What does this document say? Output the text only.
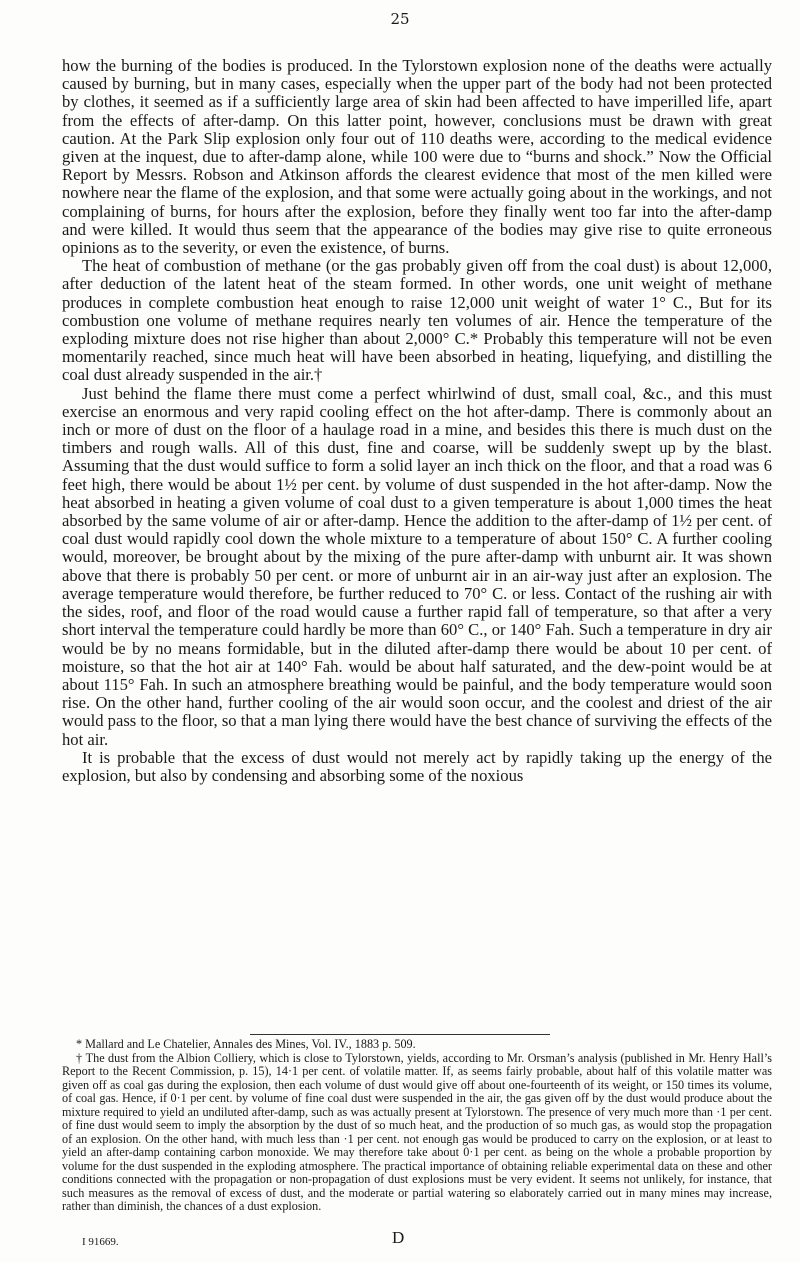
25

how the burning of the bodies is produced. In the Tylorstown explosion none of the deaths were actually caused by burning, but in many cases, especially when the upper part of the body had not been protected by clothes, it seemed as if a sufficiently large area of skin had been affected to have imperilled life, apart from the effects of after-damp. On this latter point, however, conclusions must be drawn with great caution. At the Park Slip explosion only four out of 110 deaths were, according to the medical evidence given at the inquest, due to after-damp alone, while 100 were due to “burns and shock.” Now the Official Report by Messrs. Robson and Atkinson affords the clearest evidence that most of the men killed were nowhere near the flame of the explosion, and that some were actually going about in the workings, and not complaining of burns, for hours after the explosion, before they finally went too far into the after-damp and were killed. It would thus seem that the appearance of the bodies may give rise to quite erroneous opinions as to the severity, or even the existence, of burns.

The heat of combustion of methane (or the gas probably given off from the coal dust) is about 12,000, after deduction of the latent heat of the steam formed. In other words, one unit weight of methane produces in complete combustion heat enough to raise 12,000 unit weight of water 1° C., But for its combustion one volume of methane requires nearly ten volumes of air. Hence the temperature of the exploding mixture does not rise higher than about 2,000° C.* Probably this temperature will not be even momentarily reached, since much heat will have been absorbed in heating, liquefying, and distilling the coal dust already suspended in the air.†

Just behind the flame there must come a perfect whirlwind of dust, small coal, &c., and this must exercise an enormous and very rapid cooling effect on the hot after-damp. There is commonly about an inch or more of dust on the floor of a haulage road in a mine, and besides this there is much dust on the timbers and rough walls. All of this dust, fine and coarse, will be suddenly swept up by the blast. Assuming that the dust would suffice to form a solid layer an inch thick on the floor, and that a road was 6 feet high, there would be about 1½ per cent. by volume of dust suspended in the hot after-damp. Now the heat absorbed in heating a given volume of coal dust to a given temperature is about 1,000 times the heat absorbed by the same volume of air or after-damp. Hence the addition to the after-damp of 1½ per cent. of coal dust would rapidly cool down the whole mixture to a temperature of about 150° C. A further cooling would, moreover, be brought about by the mixing of the pure after-damp with unburnt air. It was shown above that there is probably 50 per cent. or more of unburnt air in an air-way just after an explosion. The average temperature would therefore, be further reduced to 70° C. or less. Contact of the rushing air with the sides, roof, and floor of the road would cause a further rapid fall of temperature, so that after a very short interval the temperature could hardly be more than 60° C., or 140° Fah. Such a temperature in dry air would be by no means formidable, but in the diluted after-damp there would be about 10 per cent. of moisture, so that the hot air at 140° Fah. would be about half saturated, and the dew-point would be at about 115° Fah. In such an atmosphere breathing would be painful, and the body temperature would soon rise. On the other hand, further cooling of the air would soon occur, and the coolest and driest of the air would pass to the floor, so that a man lying there would have the best chance of surviving the effects of the hot air.

It is probable that the excess of dust would not merely act by rapidly taking up the energy of the explosion, but also by condensing and absorbing some of the noxious

* Mallard and Le Chatelier, Annales des Mines, Vol. IV., 1883 p. 509.

† The dust from the Albion Colliery, which is close to Tylorstown, yields, according to Mr. Orsman’s analysis (published in Mr. Henry Hall’s Report to the Recent Commission, p. 15), 14·1 per cent. of volatile matter. If, as seems fairly probable, about half of this volatile matter was given off as coal gas during the explosion, then each volume of dust would give off about one-fourteenth of its weight, or 150 times its volume, of coal gas. Hence, if 0·1 per cent. by volume of fine coal dust were suspended in the air, the gas given off by the dust would produce about the mixture required to yield an undiluted after-damp, such as was actually present at Tylorstown. The presence of very much more than ·1 per cent. of fine dust would seem to imply the absorption by the dust of so much heat, and the production of so much gas, as would stop the propagation of an explosion. On the other hand, with much less than ·1 per cent. not enough gas would be produced to carry on the explosion, or at least to yield an after-damp containing carbon monoxide. We may therefore take about 0·1 per cent. as being on the whole a probable proportion by volume for the dust suspended in the exploding atmosphere. The practical importance of obtaining reliable experimental data on these and other conditions connected with the propagation or non-propagation of dust explosions must be very evident. It seems not unlikely, for instance, that such measures as the removal of excess of dust, and the moderate or partial watering so elaborately carried out in many mines may increase, rather than diminish, the chances of a dust explosion.

I 91669.	D
